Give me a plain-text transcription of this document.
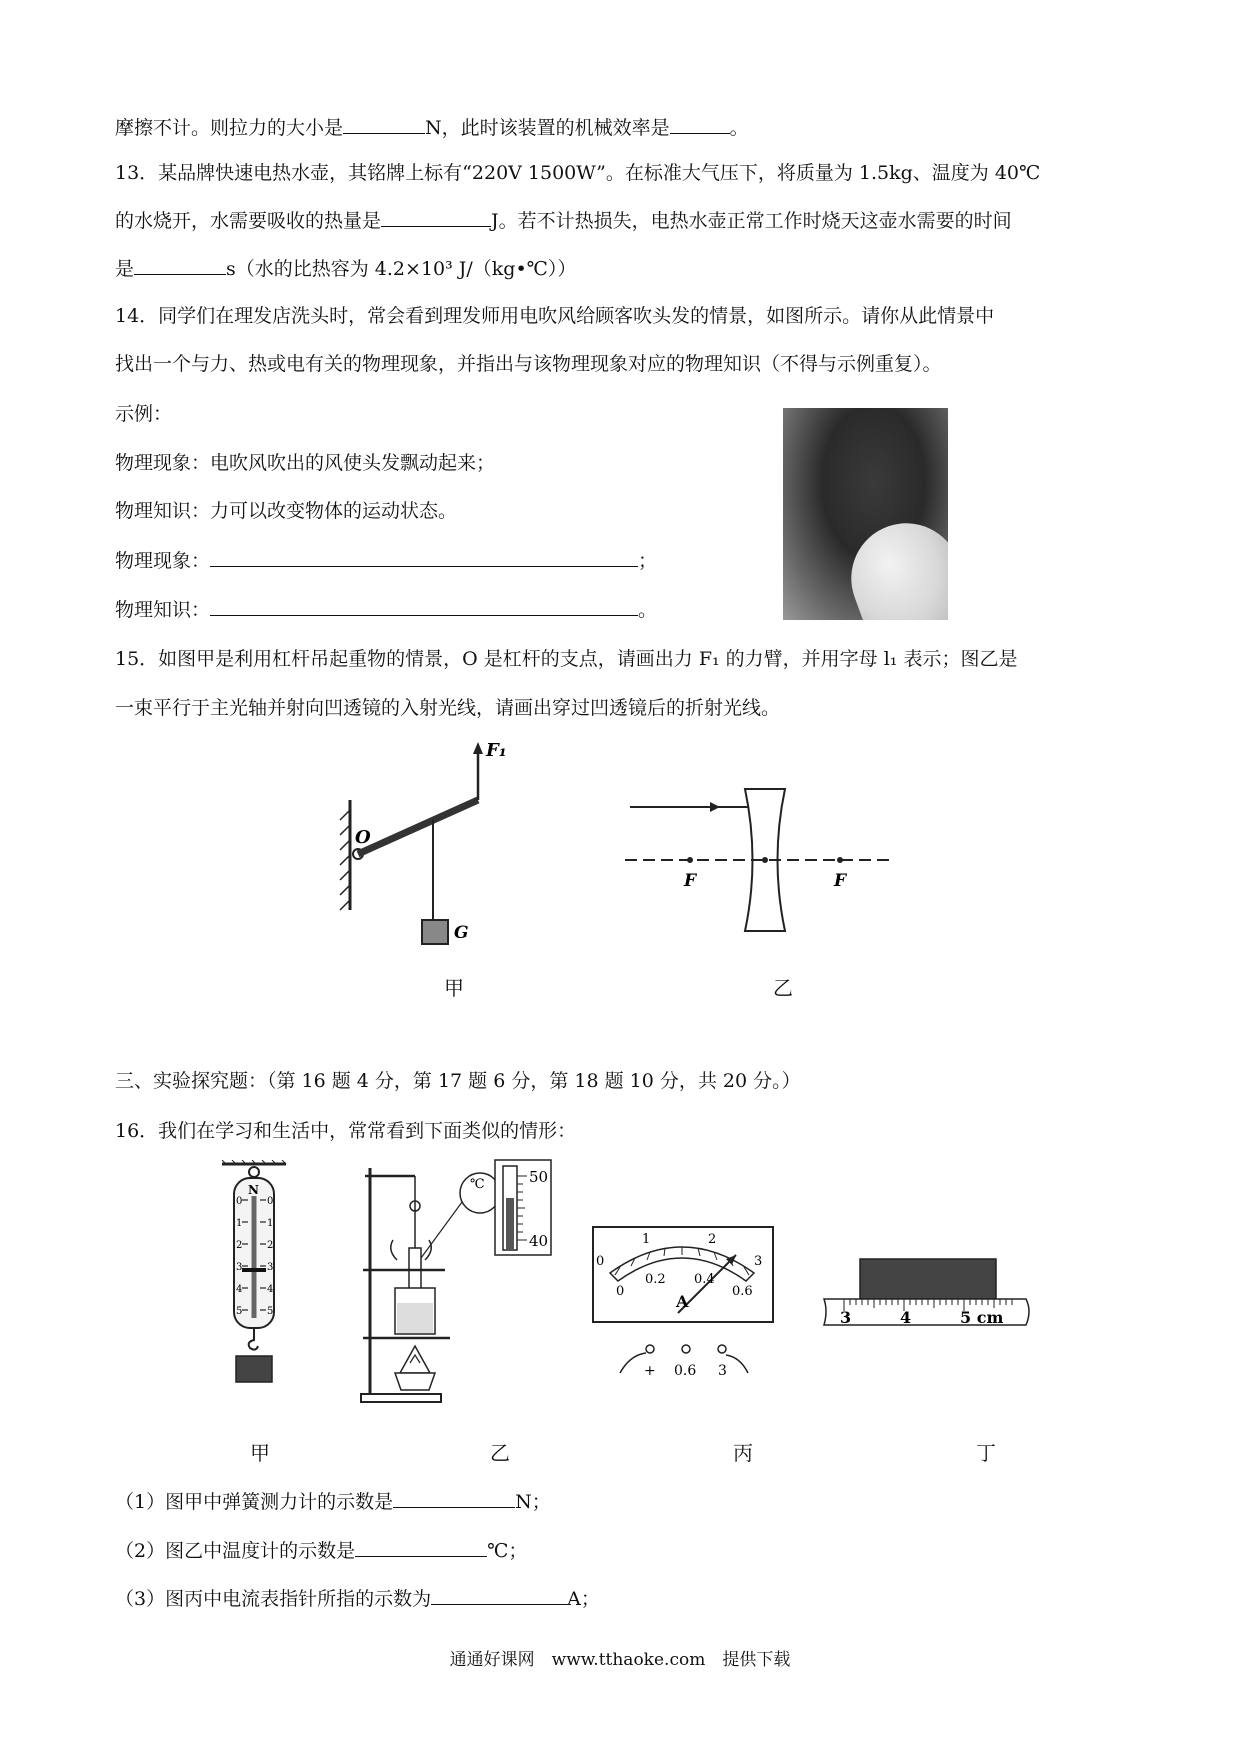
摩擦不计。则拉力的大小是	N，此时该装置的机械效率是	。
13．某品牌快速电热水壶，其铭牌上标有“220V 1500W”。在标准大气压下，将质量为 1.5kg、温度为 40℃
的水烧开，水需要吸收的热量是	J。若不计热损失，电热水壶正常工作时烧天这壶水需要的时间
是	s（水的比热容为 4.2×10³ J/（kg•℃））
14．同学们在理发店洗头时，常会看到理发师用电吹风给顾客吹头发的情景，如图所示。请你从此情景中
找出一个与力、热或电有关的物理现象，并指出与该物理现象对应的物理知识（不得与示例重复）。
示例：
物理现象：电吹风吹出的风使头发飘动起来；
物理知识：力可以改变物体的运动状态。
物理现象：	；
物理知识：	。
15．如图甲是利用杠杆吊起重物的情景，O 是杠杆的支点，请画出力 F₁ 的力臂，并用字母 l₁ 表示；图乙是
一束平行于主光轴并射向凹透镜的入射光线，请画出穿过凹透镜后的折射光线。
F₁
O
G
甲
F	F
乙
三、实验探究题：（第 16 题 4 分，第 17 题 6 分，第 18 题 10 分，共 20 分。）
16．我们在学习和生活中，常常看到下面类似的情形：
N
0 0
1 1
2 2
3 3
4 4
5 5
甲
℃	50
40
乙
0
1	2
3
0
0.2 0.4
0.6
A
+ 0.6 3
丙
3	4	5 cm
丁
（1）图甲中弹簧测力计的示数是	N；
（2）图乙中温度计的示数是	℃；
（3）图丙中电流表指针所指的示数为	A；
通通好课网　www.tthaoke.com　提供下载
